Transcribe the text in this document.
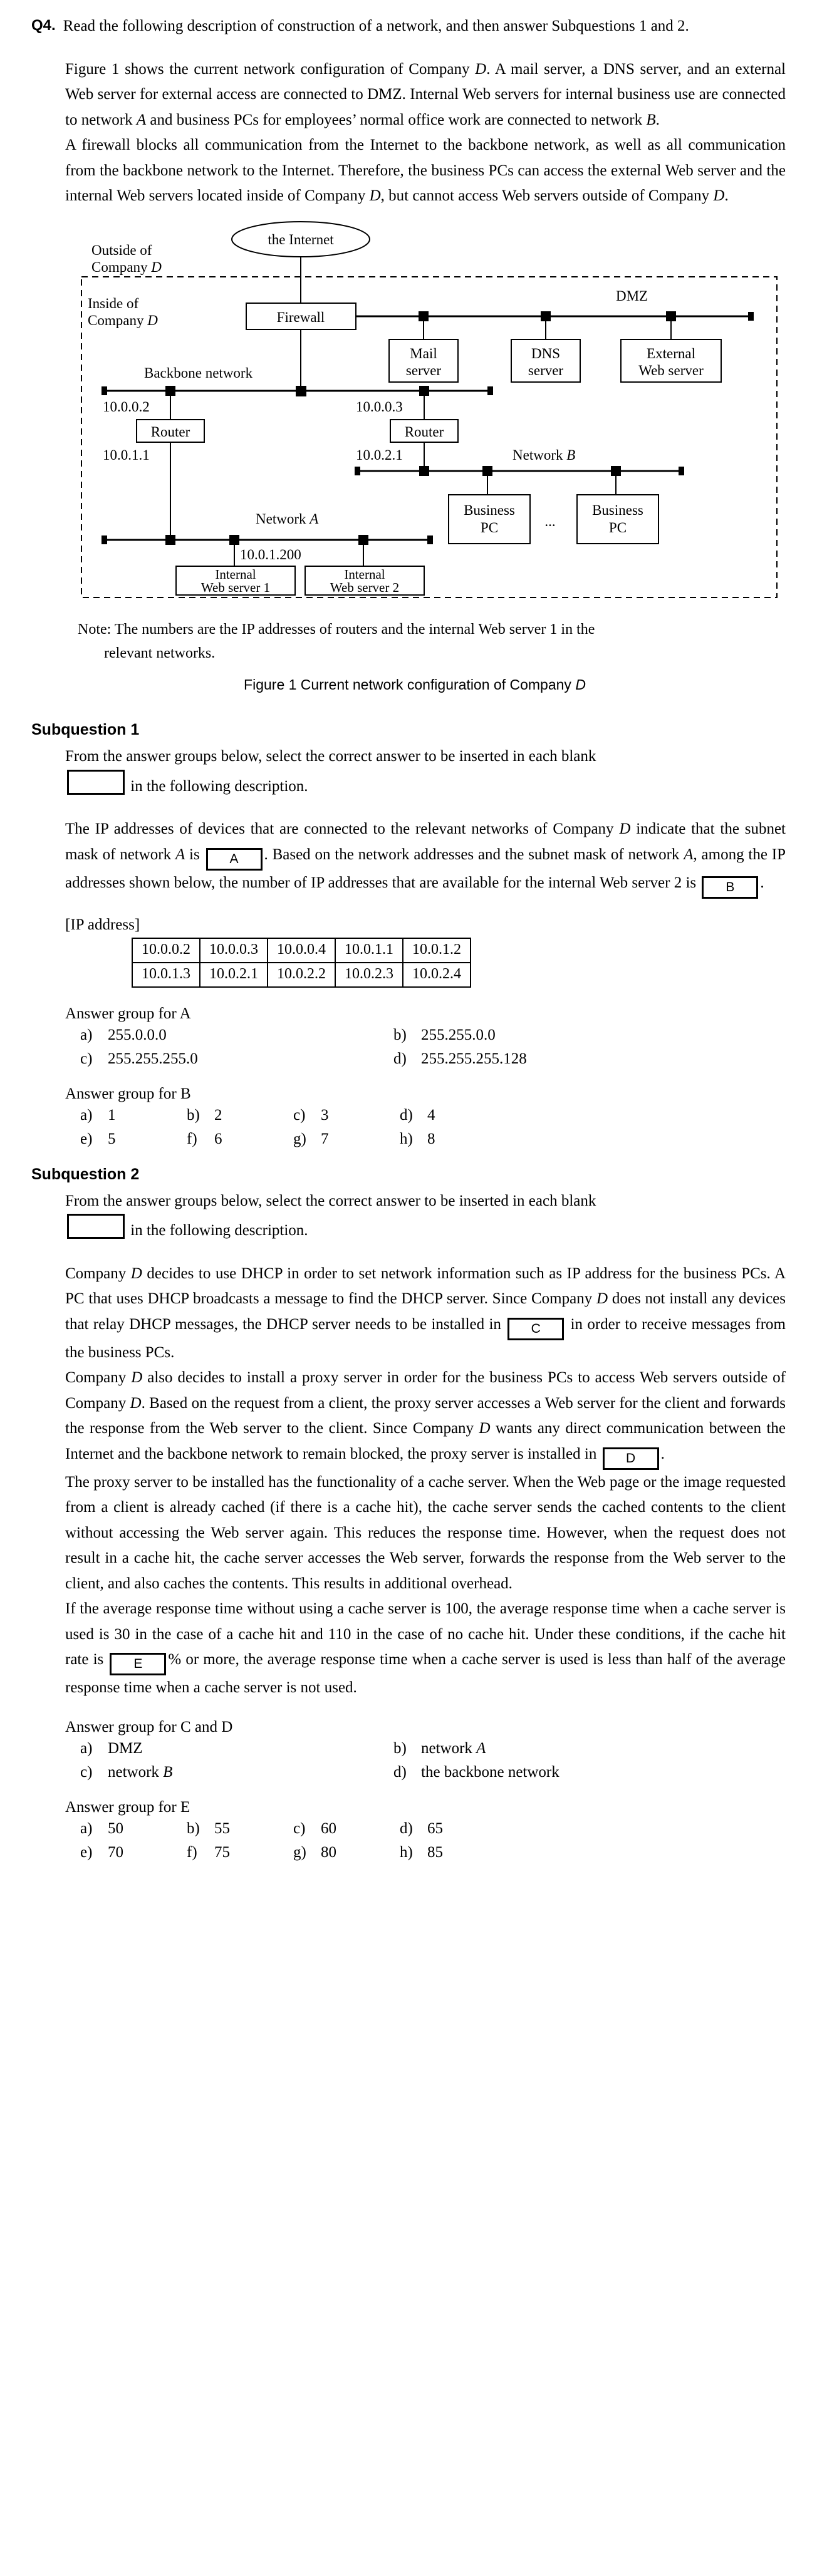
Q4. Read the following description of construction of a network, and then answer Subquestions 1 and 2.

Figure 1 shows the current network configuration of Company D. A mail server, a DNS server, and an external Web server for external access are connected to DMZ. Internal Web servers for internal business use are connected to network A and business PCs for employees’ normal office work are connected to network B.

A firewall blocks all communication from the Internet to the backbone network, as well as all communication from the backbone network to the Internet. Therefore, the business PCs can access the external Web server and the internal Web servers located inside of Company D, but cannot access Web servers outside of Company D.

the Internet
Outside of
Company D
Inside of
Company D
DMZ
Firewall
Mail
server
DNS
server
External
Web server
Backbone network
10.0.0.2
Router
10.0.1.1
10.0.0.3
Router
10.0.2.1	Network B
Business
PC	...
Business
PC
Network A
10.0.1.200
Internal
Web server 1
Internal
Web server 2
Note: The numbers are the IP addresses of routers and the internal Web server 1 in the
relevant networks.
Figure 1 Current network configuration of Company D
Subquestion 1

From the answer groups below, select the correct answer to be inserted in each blank
in the following description.

The IP addresses of devices that are connected to the relevant networks of Company D indicate that the subnet mask of network A is A . Based on the network addresses and the subnet mask of network A, among the IP addresses shown below, the number of IP addresses that are available for the internal Web server 2 is B .

[IP address]
10.0.0.2	10.0.0.3	10.0.0.4	10.0.1.1	10.0.1.2
10.0.1.3	10.0.2.1	10.0.2.2	10.0.2.3	10.0.2.4
Answer group for A
a) 255.0.0.0	b) 255.255.0.0
c) 255.255.255.0	d) 255.255.255.128
Answer group for B
a) 1	b) 2	c) 3	d) 4
e) 5	f)	6	g) 7	h) 8
Subquestion 2

From the answer groups below, select the correct answer to be inserted in each blank
in the following description.

Company D decides to use DHCP in order to set network information such as IP address for the business PCs. A PC that uses DHCP broadcasts a message to find the DHCP server. Since Company D does not install any devices that relay DHCP messages, the DHCP server needs to be installed in C in order to receive messages from the business PCs.

Company D also decides to install a proxy server in order for the business PCs to access Web servers outside of Company D. Based on the request from a client, the proxy server accesses a Web server for the client and forwards the response from the Web server to the client. Since Company D wants any direct communication between the Internet and the backbone network to remain blocked, the proxy server is installed in D .

The proxy server to be installed has the functionality of a cache server. When the Web page or the image requested from a client is already cached (if there is a cache hit), the cache server sends the cached contents to the client without accessing the Web server again. This reduces the response time. However, when the request does not result in a cache hit, the cache server accesses the Web server, forwards the response from the Web server to the client, and also caches the contents. This results in additional overhead.

If the average response time without using a cache server is 100, the average response time when a cache server is used is 30 in the case of a cache hit and 110 in the case of no cache hit. Under these conditions, if the cache hit rate is E % or more, the average response time when a cache server is used is less than half of the average response time when a cache server is not used.

Answer group for C and D
a) DMZ	b) network A
c) network B	d) the backbone network
Answer group for E
a) 50	b) 55	c) 60	d) 65
e) 70	f)	75	g) 80	h) 85
